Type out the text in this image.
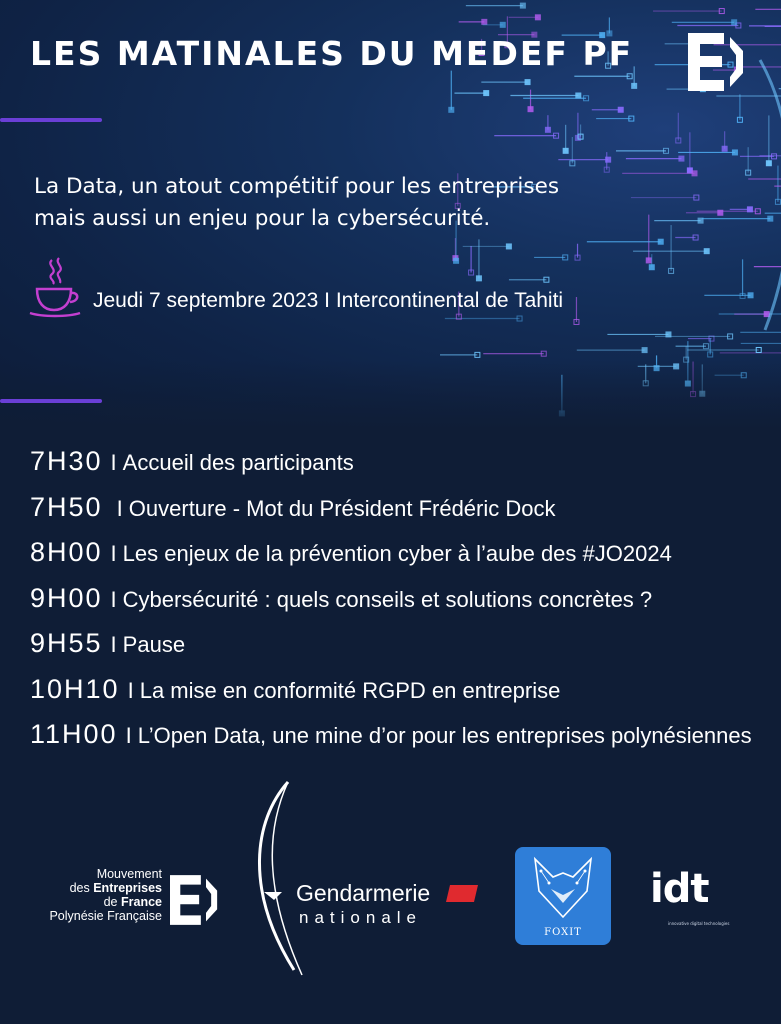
LES MATINALES DU MEDEF PF
La Data, un atout compétitif pour les entreprises
mais aussi un enjeu pour la cybersécurité.
Jeudi 7 septembre 2023 I Intercontinental de Tahiti
7H30 I Accueil des participants
7H50 I Ouverture - Mot du Président Frédéric Dock
8H00 I Les enjeux de la prévention cyber à l’aube des #JO2024
9H00 I Cybersécurité : quels conseils et solutions concrètes ?
9H55 I Pause
10H10 I La mise en conformité RGPD en entreprise
11H00 I L’Open Data, une mine d’or pour les entreprises polynésiennes
Mouvement
des Entreprises
de France
Polynésie Française
Gendarmerie
nationale
FOXIT
idt
innovative digital technologies
